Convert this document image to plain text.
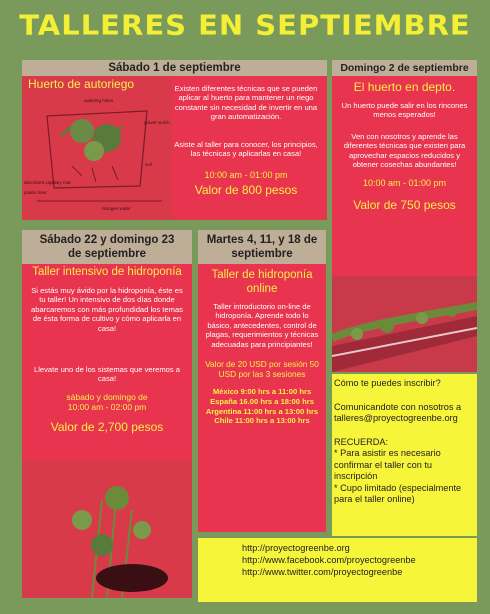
TALLERES EN SEPTIEMBRE
Sábado 1 de septiembre
watering holes
gravel mulch
soil
absorbent capillary mat
plastic liner
nitrogen water
Huerto de autoriego	Existen diferentes técnicas que se pueden aplicar al huerto para mantener un riego constante sin necesidad de invertir en una gran automatización.
Asiste al taller para conocer, los principios, las técnicas y aplicarlas en casa!
10:00 am - 01:00 pm
Valor de 800 pesos
Domingo 2 de septiembre
El huerto en depto.
Un huerto puede salir en los rincones menos esperados!
Ven con nosotros y aprende las diferentes técnicas que existen para aprovechar espacios reducidos y obtener cosechas abundantes!
10:00 am - 01:00 pm
Valor de 750 pesos
Sábado 22 y domingo 23 de septiembre
Taller intensivo de hidroponía
Si estás muy ávido por la hidroponía, éste es tu taller! Un intensivo de dos días donde abarcaremos con más profundidad los temas de ésta forma de cultivo y cómo aplicarla en casa!
Llevate uno de los sistemas que veremos a casa!
sábado y domingo de 10:00 am - 02:00 pm
Valor de 2,700 pesos
Martes 4, 11, y 18 de septiembre
Taller de hidroponía online
Taller introductorio on-line de hidroponía. Aprende todo lo básico, antecedentes, control de plagas, requerimientos y técnicas adecuadas para principiantes!
Valor de 20 USD por sesión 50 USD por las 3 sesiones
México 9:00 hrs a 11:00 hrs
España 16.00 hrs a 18:00 hrs
Argentina 11:00 hrs a 13:00 hrs
Chile 11:00 hrs a 13:00 hrs
Cómo te puedes inscribir?
Comunicandote con nosotros a talleres@proyectogreenbe.org
RECUERDA:
* Para asistir es necesario confirmar el taller con tu inscripción
* Cupo limitado (especialmente para el taller online)
http://proyectogreenbe.org
http://www.facebook.com/proyectogreenbe
http://www.twitter.com/proyectogreenbe
